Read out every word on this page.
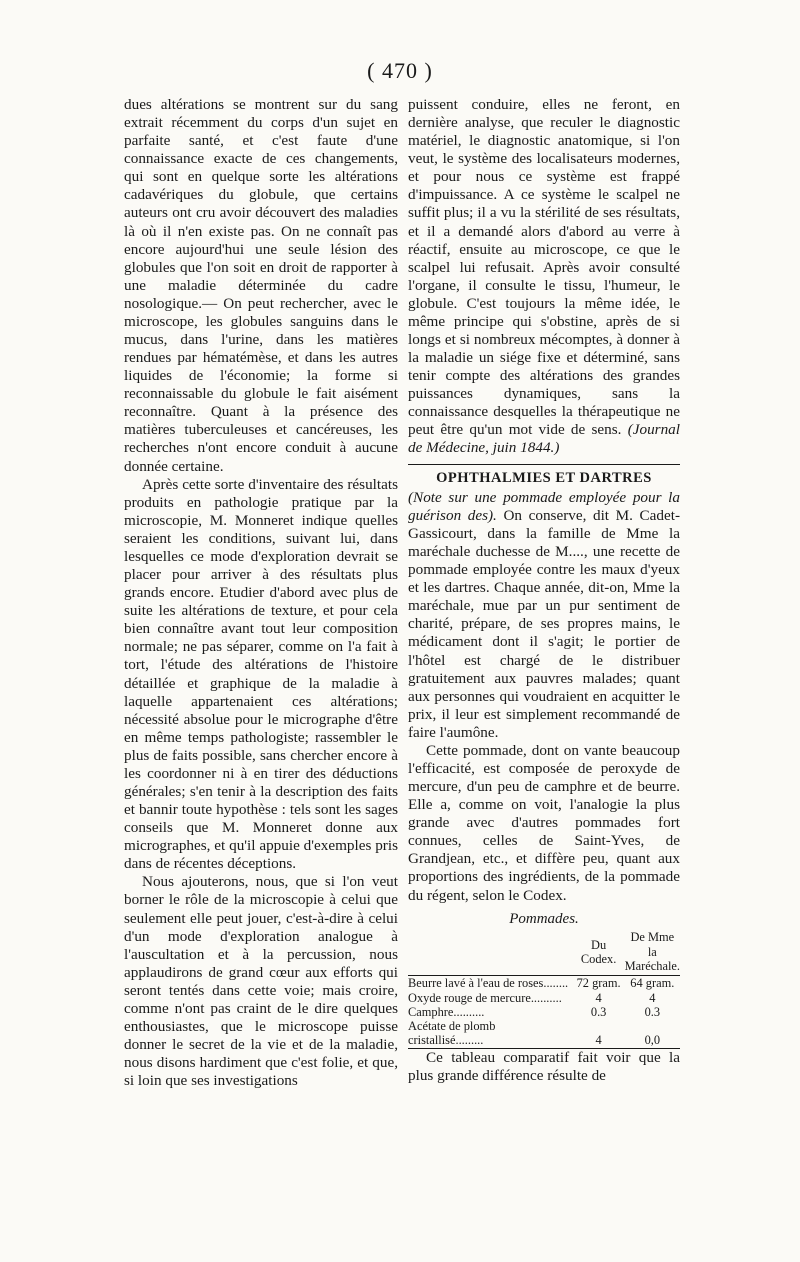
( 470 )

dues altérations se montrent sur du sang extrait récemment du corps d'un sujet en parfaite santé, et c'est faute d'une connaissance exacte de ces changements, qui sont en quelque sorte les altérations cadavériques du globule, que certains auteurs ont cru avoir découvert des maladies là où il n'en existe pas. On ne connaît pas encore aujourd'hui une seule lésion des globules que l'on soit en droit de rapporter à une maladie déterminée du cadre nosologique.— On peut rechercher, avec le microscope, les globules sanguins dans le mucus, dans l'urine, dans les matières rendues par hématémèse, et dans les autres liquides de l'économie; la forme si reconnaissable du globule le fait aisément reconnaître. Quant à la présence des matières tuberculeuses et cancéreuses, les recherches n'ont encore conduit à aucune donnée certaine.

Après cette sorte d'inventaire des résultats produits en pathologie pratique par la microscopie, M. Monneret indique quelles seraient les conditions, suivant lui, dans lesquelles ce mode d'exploration devrait se placer pour arriver à des résultats plus grands encore. Etudier d'abord avec plus de suite les altérations de texture, et pour cela bien connaître avant tout leur composition normale; ne pas séparer, comme on l'a fait à tort, l'étude des altérations de l'histoire détaillée et graphique de la maladie à laquelle appartenaient ces altérations; nécessité absolue pour le micrographe d'être en même temps pathologiste; rassembler le plus de faits possible, sans chercher encore à les coordonner ni à en tirer des déductions générales; s'en tenir à la description des faits et bannir toute hypothèse : tels sont les sages conseils que M. Monneret donne aux micrographes, et qu'il appuie d'exemples pris dans de récentes déceptions.

Nous ajouterons, nous, que si l'on veut borner le rôle de la microscopie à celui que seulement elle peut jouer, c'est-à-dire à celui d'un mode d'exploration analogue à l'auscultation et à la percussion, nous applaudirons de grand cœur aux efforts qui seront tentés dans cette voie; mais croire, comme n'ont pas craint de le dire quelques enthousiastes, que le microscope puisse donner le secret de la vie et de la maladie, nous disons hardiment que c'est folie, et que, si loin que ses investigations

puissent conduire, elles ne feront, en dernière analyse, que reculer le diagnostic matériel, le diagnostic anatomique, si l'on veut, le système des localisateurs modernes, et pour nous ce système est frappé d'impuissance. A ce système le scalpel ne suffit plus; il a vu la stérilité de ses résultats, et il a demandé alors d'abord au verre à réactif, ensuite au microscope, ce que le scalpel lui refusait. Après avoir consulté l'organe, il consulte le tissu, l'humeur, le globule. C'est toujours la même idée, le même principe qui s'obstine, après de si longs et si nombreux mécomptes, à donner à la maladie un siége fixe et déterminé, sans tenir compte des altérations des grandes puissances dynamiques, sans la connaissance desquelles la thérapeutique ne peut être qu'un mot vide de sens. (Journal de Médecine, juin 1844.)

OPHTHALMIES ET DARTRES

(Note sur une pommade employée pour la guérison des). On conserve, dit M. Cadet-Gassicourt, dans la famille de Mme la maréchale duchesse de M...., une recette de pommade employée contre les maux d'yeux et les dartres. Chaque année, dit-on, Mme la maréchale, mue par un pur sentiment de charité, prépare, de ses propres mains, le médicament dont il s'agit; le portier de l'hôtel est chargé de le distribuer gratuitement aux pauvres malades; quant aux personnes qui voudraient en acquitter le prix, il leur est simplement recommandé de faire l'aumône.

Cette pommade, dont on vante beaucoup l'efficacité, est composée de peroxyde de mercure, d'un peu de camphre et de beurre. Elle a, comme on voit, l'analogie la plus grande avec d'autres pommades fort connues, celles de Saint-Yves, de Grandjean, etc., et diffère peu, quant aux proportions des ingrédients, de la pommade du régent, selon le Codex.

Pommades.
	Du Codex.	De Mme la Maréchale.

Beurre lavé à l'eau de roses........	72 gram.	64 gram.
Oxyde rouge de mercure..........	4	4
Camphre..........	0.3	0.3
Acétate de plomb cristallisé.........	4	0,0

Ce tableau comparatif fait voir que la plus grande différence résulte de
